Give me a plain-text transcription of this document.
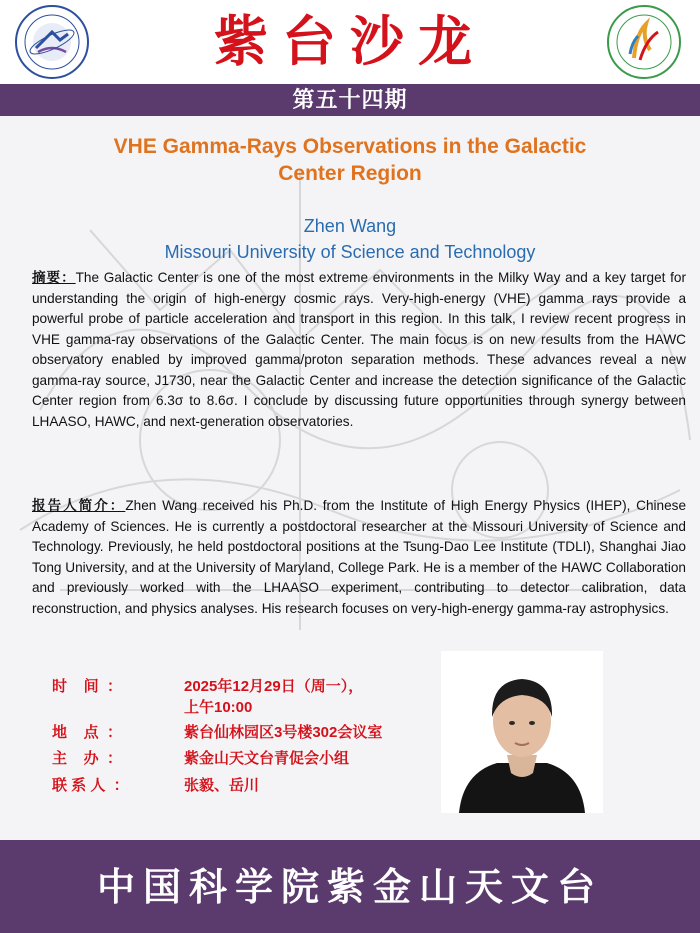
紫台沙龙
第五十四期
VHE Gamma-Rays Observations in the Galactic
Center Region
Zhen Wang
Missouri University of Science and Technology
摘要：The Galactic Center is one of the most extreme environments in the Milky Way and a key target for understanding the origin of high-energy cosmic rays. Very-high-energy (VHE) gamma rays provide a powerful probe of particle acceleration and transport in this region. In this talk, I review recent progress in VHE gamma-ray observations of the Galactic Center. The main focus is on new results from the HAWC observatory enabled by improved gamma/proton separation methods. These advances reveal a new gamma-ray source, J1730, near the Galactic Center and increase the detection significance of the Galactic Center region from 6.3σ to 8.6σ. I conclude by discussing future opportunities through synergy between LHAASO, HAWC, and next-generation observatories.
报告人简介：Zhen Wang received his Ph.D. from the Institute of High Energy Physics (IHEP), Chinese Academy of Sciences. He is currently a postdoctoral researcher at the Missouri University of Science and Technology. Previously, he held postdoctoral positions at the Tsung-Dao Lee Institute (TDLI), Shanghai Jiao Tong University, and at the University of Maryland, College Park. He is a member of the HAWC Collaboration and previously worked with the LHAASO experiment, contributing to detector calibration, data reconstruction, and physics analyses. His research focuses on very-high-energy gamma-ray astrophysics.
时    间  ：	2025年12月29日（周一），
上午10:00
地    点  ：	紫台仙林园区3号楼302会议室
主    办  ：	紫金山天文台青促会小组
联 系 人  ：	张毅、岳川
中国科学院紫金山天文台
